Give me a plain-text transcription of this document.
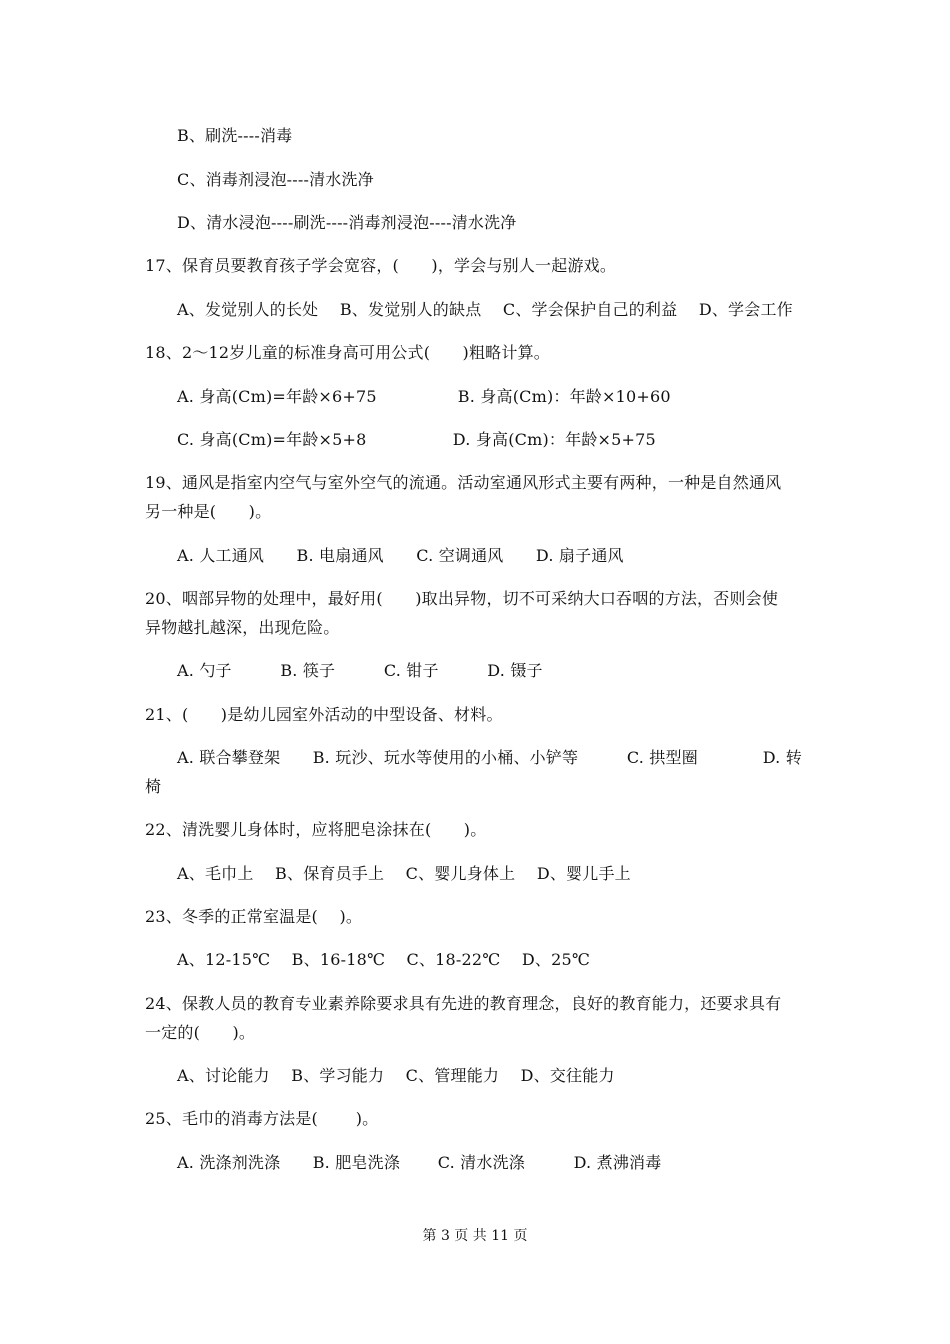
B、刷洗----消毒
C、消毒剂浸泡----清水洗净
D、清水浸泡----刷洗----消毒剂浸泡----清水洗净
17、保育员要教育孩子学会宽容，(　　)，学会与别人一起游戏。
A、发觉别人的长处　 B、发觉别人的缺点　 C、学会保护自己的利益　 D、学会工作
18、2～12岁儿童的标准身高可用公式(　　)粗略计算。
A. 身高(Cm)=年龄×6+75　　　　　B. 身高(Cm)：年龄×10+60
C. 身高(Cm)=年龄×5+8　　　　　 D. 身高(Cm)：年龄×5+75
19、通风是指室内空气与室外空气的流通。活动室通风形式主要有两种，一种是自然通风
另一种是(　　)。
A. 人工通风　　B. 电扇通风　　C. 空调通风　　D. 扇子通风
20、咽部异物的处理中，最好用(　　)取出异物，切不可采纳大口吞咽的方法，否则会使
异物越扎越深，出现危险。
A. 勺子　　　B. 筷子　　　C. 钳子　　　D. 镊子
21、(　　)是幼儿园室外活动的中型设备、材料。
A. 联合攀登架　　B. 玩沙、玩水等使用的小桶、小铲等　　　C. 拱型圈　　　　D. 转
椅
22、清洗婴儿身体时，应将肥皂涂抹在(　　)。
A、毛巾上　 B、保育员手上　 C、婴儿身体上　 D、婴儿手上
23、冬季的正常室温是(　 )。
A、12-15℃　 B、16-18℃　 C、18-22℃　 D、25℃
24、保教人员的教育专业素养除要求具有先进的教育理念，良好的教育能力，还要求具有
一定的(　　)。
A、讨论能力　 B、学习能力　 C、管理能力　 D、交往能力
25、毛巾的消毒方法是(　　 )。
A. 洗涤剂洗涤　　B. 肥皂洗涤　　 C. 清水洗涤　　　D. 煮沸消毒
第 3 页 共 11 页
